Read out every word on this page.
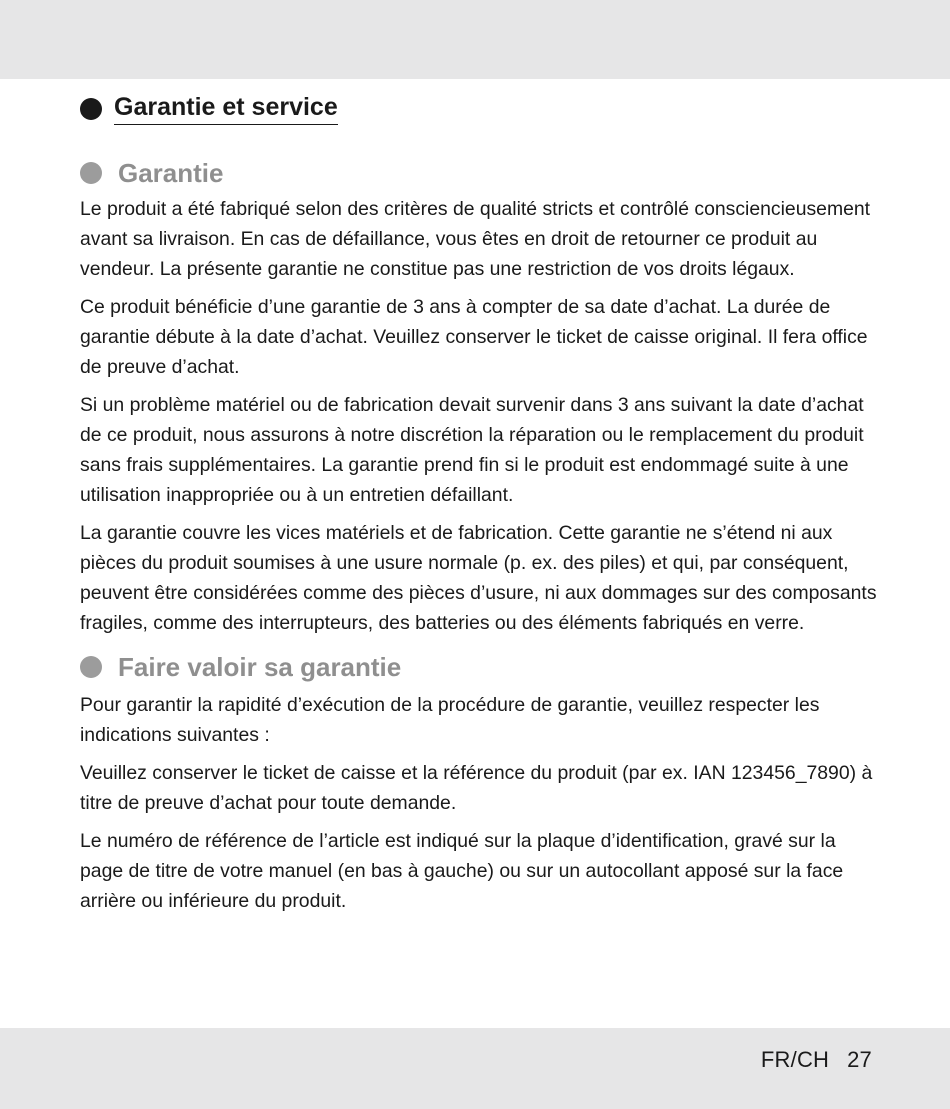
Garantie et service
Garantie

Le produit a été fabriqué selon des critères de qualité stricts et contrôlé consciencieusement avant sa livraison. En cas de défaillance, vous êtes en droit de retourner ce produit au vendeur. La présente garantie ne constitue pas une restriction de vos droits légaux.

Ce produit bénéficie d’une garantie de 3 ans à compter de sa date d’achat. La durée de garantie débute à la date d’achat. Veuillez conserver le ticket de caisse original. Il fera office de preuve d’achat.

Si un problème matériel ou de fabrication devait survenir dans 3 ans suivant la date d’achat de ce produit, nous assurons à notre discrétion la réparation ou le remplacement du produit sans frais supplémentaires. La garantie prend fin si le produit est endommagé suite à une utilisation inappropriée ou à un entretien défaillant.

La garantie couvre les vices matériels et de fabrication. Cette garantie ne s’étend ni aux pièces du produit soumises à une usure normale (p. ex. des piles) et qui, par conséquent, peuvent être considérées comme des pièces d’usure, ni aux dommages sur des composants fragiles, comme des interrupteurs, des batteries ou des éléments fabriqués en verre.

Faire valoir sa garantie

Pour garantir la rapidité d’exécution de la procédure de garantie, veuillez respecter les indications suivantes :

Veuillez conserver le ticket de caisse et la référence du produit (par ex. IAN 123456_7890) à titre de preuve d’achat pour toute demande.

Le numéro de référence de l’article est indiqué sur la plaque d’identification, gravé sur la page de titre de votre manuel (en bas à gauche) ou sur un autocollant apposé sur la face arrière ou inférieure du produit.

FR/CH 27
